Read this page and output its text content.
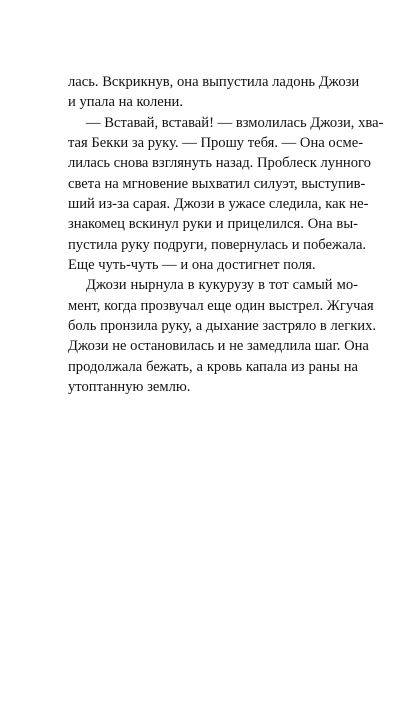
лась. Вскрикнув, она выпустила ладонь Джози
и упала на колени.
— Вставай, вставай! — взмолилась Джози, хва-
тая Бекки за руку. — Прошу тебя. — Она осме-
лилась снова взглянуть назад. Проблеск лунного
света на мгновение выхватил силуэт, выступив-
ший из-за сарая. Джози в ужасе следила, как не-
знакомец вскинул руки и прицелился. Она вы-
пустила руку подруги, повернулась и побежала.
Еще чуть-чуть — и она достигнет поля.
Джози нырнула в кукурузу в тот самый мо-
мент, когда прозвучал еще один выстрел. Жгучая
боль пронзила руку, а дыхание застряло в легких.
Джози не остановилась и не замедлила шаг. Она
продолжала бежать, а кровь капала из раны на
утоптанную землю.
